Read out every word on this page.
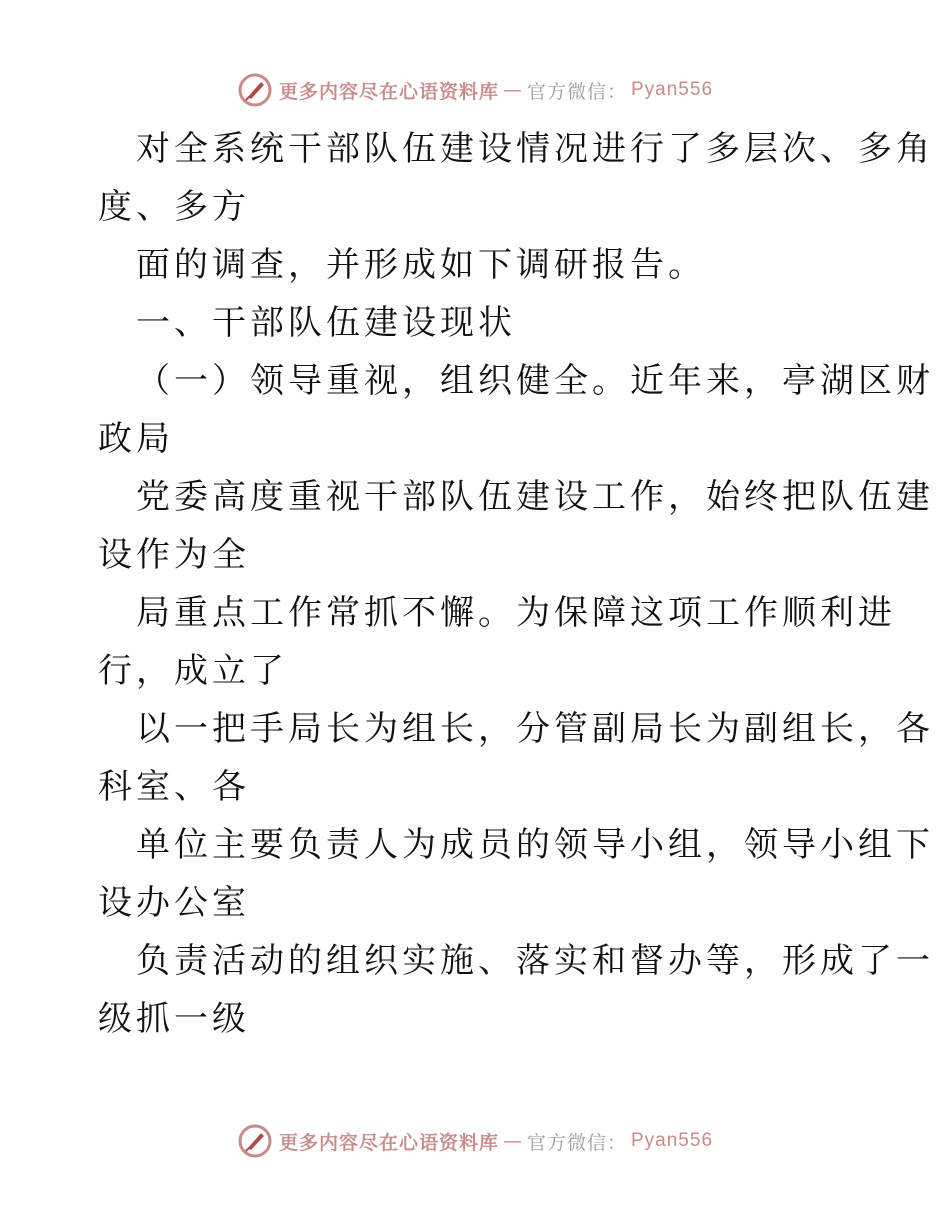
更多内容尽在心语资料库 — 官方微信： Pyan556
对全系统干部队伍建设情况进行了多层次、多角
度、多方
面的调查，并形成如下调研报告。
一、干部队伍建设现状
（一）领导重视，组织健全。近年来，亭湖区财
政局
党委高度重视干部队伍建设工作，始终把队伍建
设作为全
局重点工作常抓不懈。为保障这项工作顺利进
行，成立了
以一把手局长为组长，分管副局长为副组长，各
科室、各
单位主要负责人为成员的领导小组，领导小组下
设办公室
负责活动的组织实施、落实和督办等，形成了一
级抓一级
更多内容尽在心语资料库 — 官方微信： Pyan556
